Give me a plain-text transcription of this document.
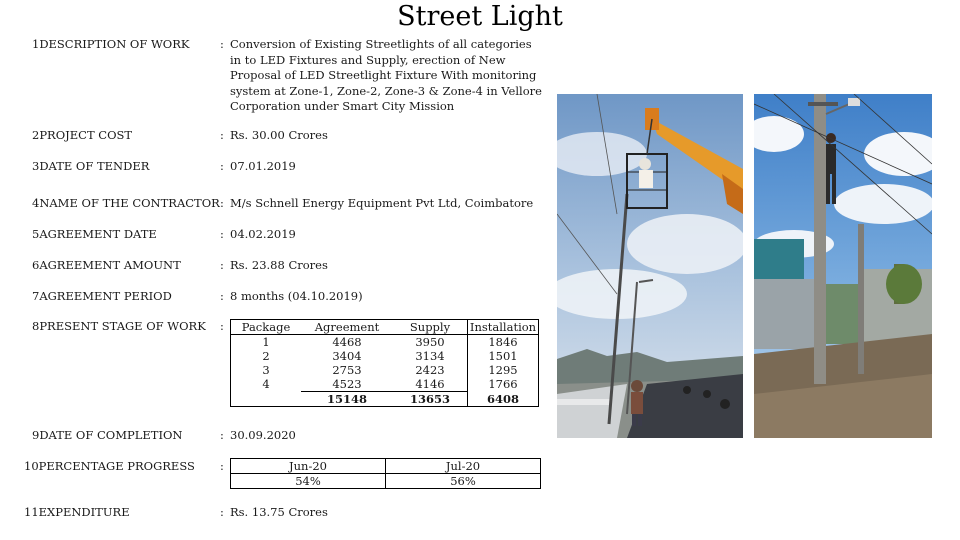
Street Light
1DESCRIPTION OF WORK	: Conversion of Existing Streetlights of all categories in to LED Fixtures and Supply, erection of New Proposal of LED Streetlight Fixture With monitoring system at Zone-1, Zone-2, Zone-3 & Zone-4 in Vellore Corporation under Smart City Mission
2PROJECT COST	: Rs. 30.00 Crores
3DATE OF TENDER	: 07.01.2019
4NAME OF THE CONTRACTOR : M/s Schnell Energy Equipment Pvt Ltd, Coimbatore
5AGREEMENT DATE	: 04.02.2019
6AGREEMENT AMOUNT	: Rs. 23.88 Crores
7AGREEMENT PERIOD	: 8 months (04.10.2019)
8PRESENT STAGE OF WORK : Package	Agreement	Supply	Installation
1	4468	3950	1846
2	3404	3134	1501
3	2753	2423	1295
4	4523	4146	1766
	15148	13653	6408
9DATE OF COMPLETION	: 30.09.2020
10PERCENTAGE PROGRESS :	Jun-20	Jul-20
54%	56%
11EXPENDITURE	: Rs. 13.75 Crores
